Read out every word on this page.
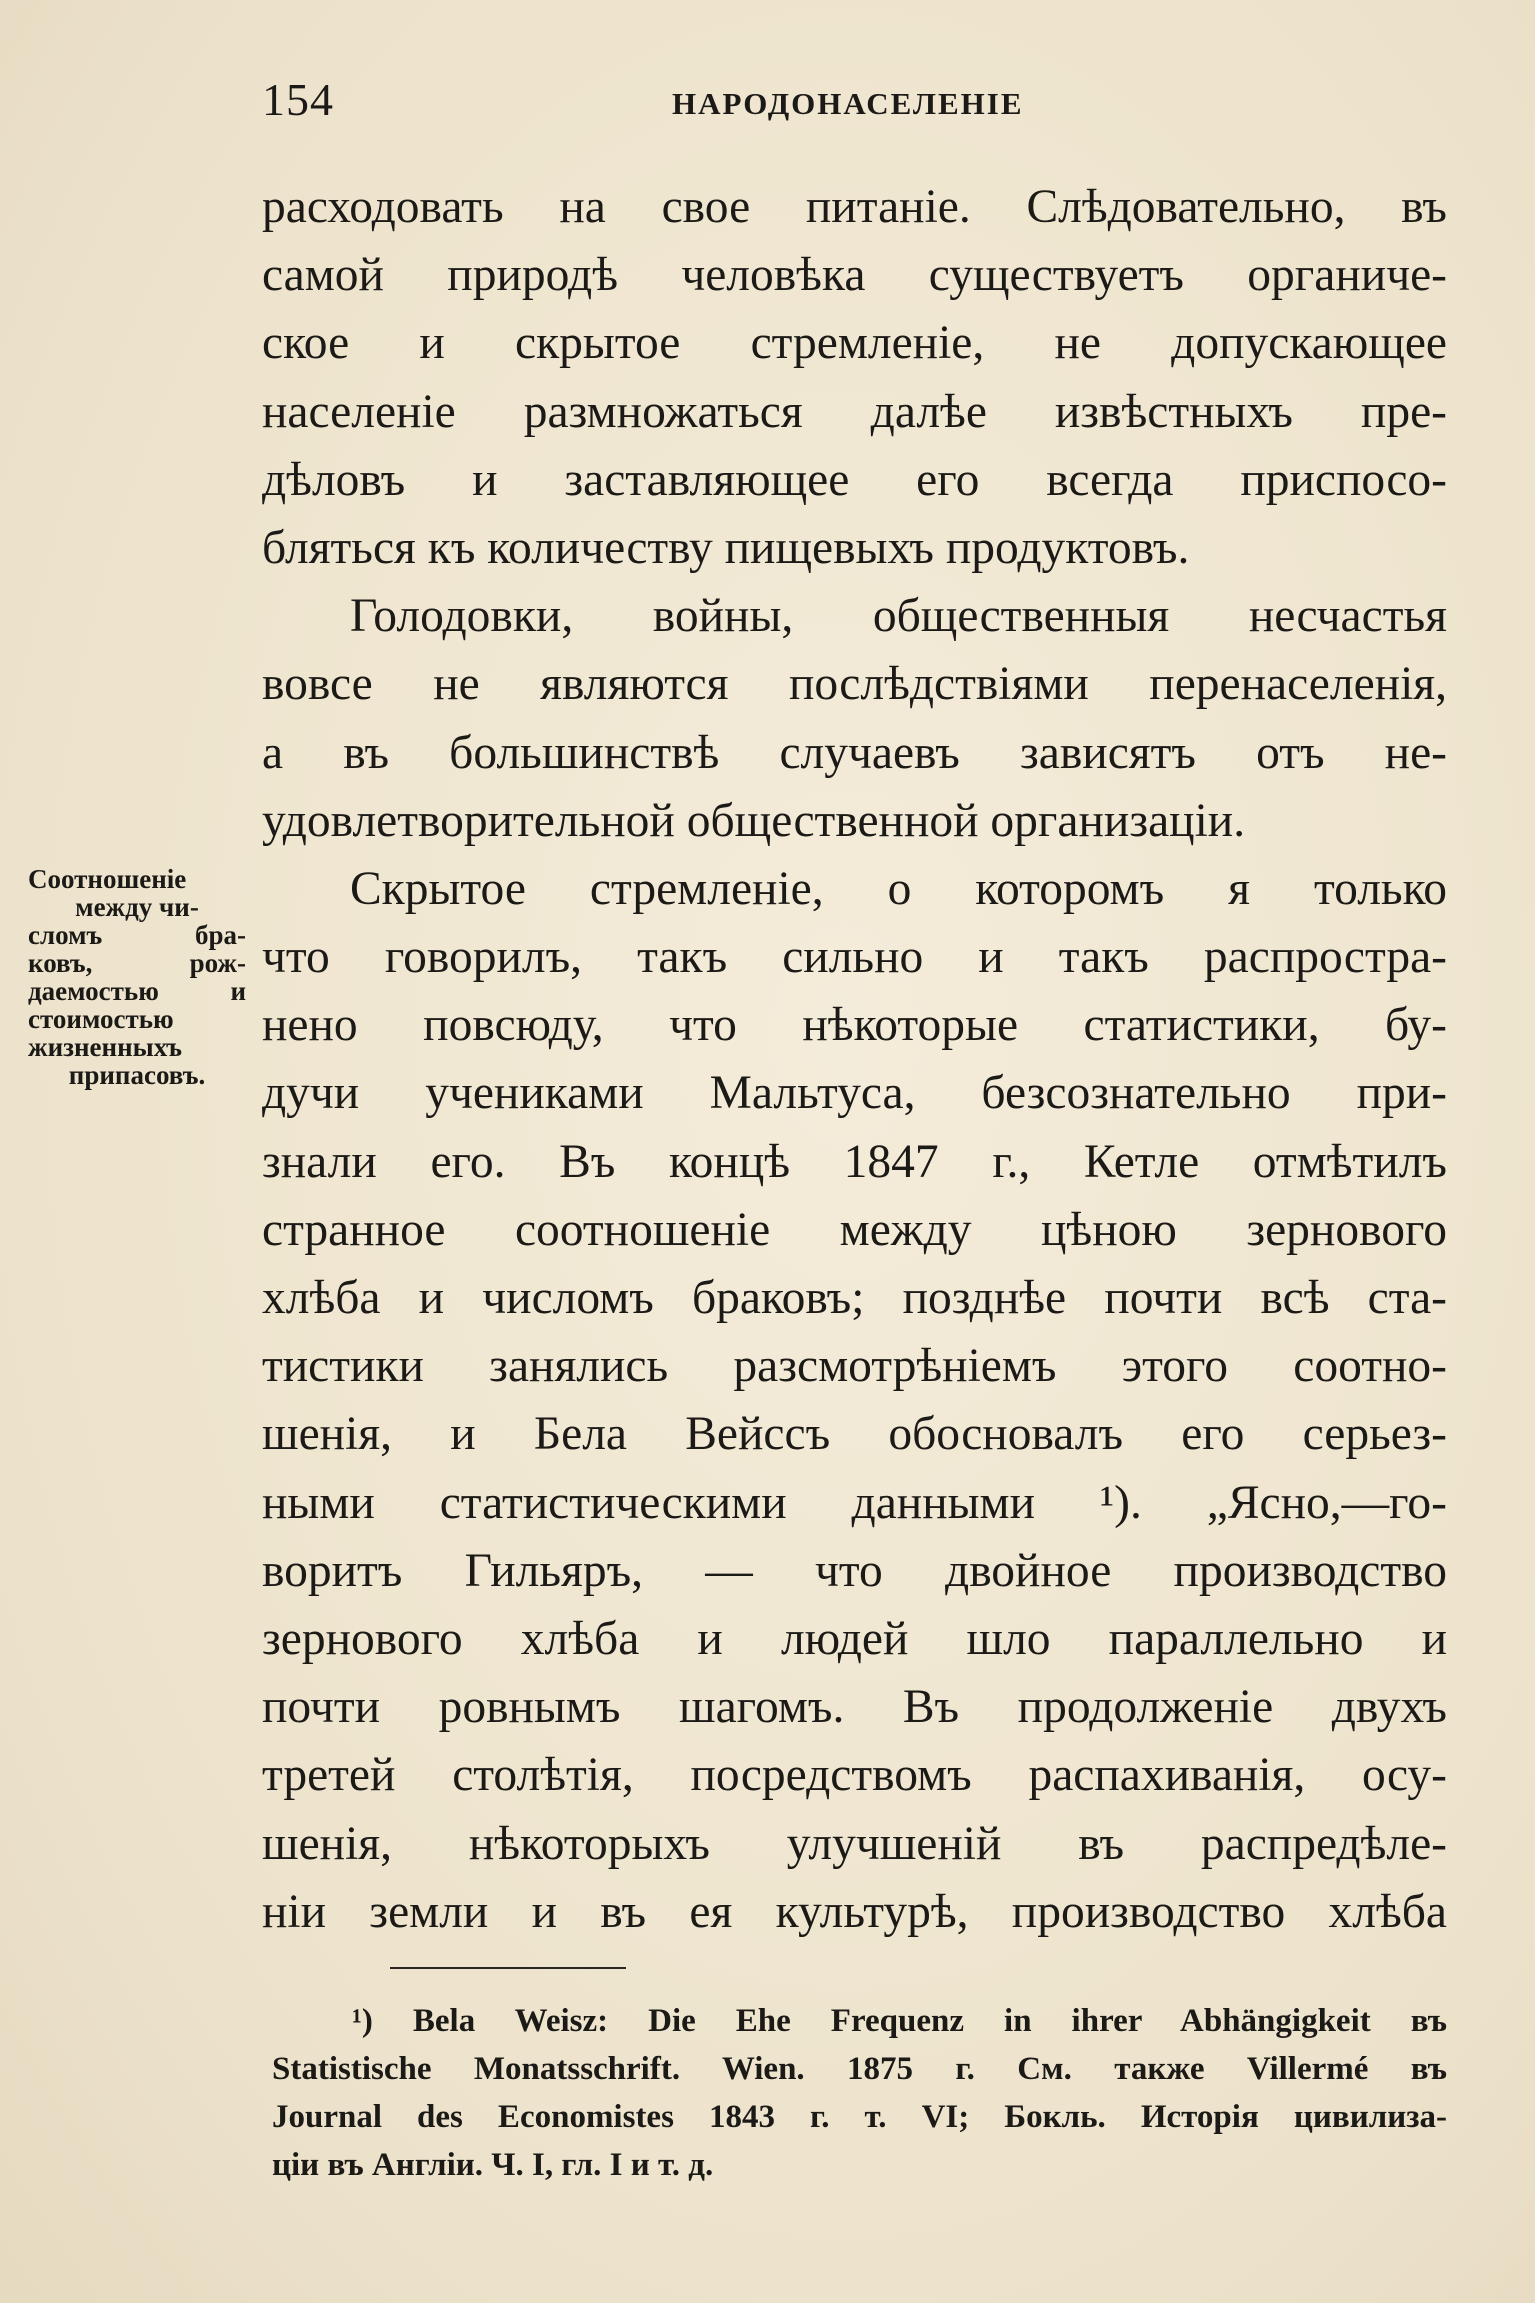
154	НАРОДОНАСЕЛЕНІЕ
расходовать на свое питаніе. Слѣдовательно, въ
самой природѣ человѣка существуетъ органиче-
ское и скрытое стремленіе, не допускающее
населеніе размножаться далѣе извѣстныхъ пре-
дѣловъ и заставляющее его всегда приспосо-
бляться къ количеству пищевыхъ продуктовъ.
Голодовки, войны, общественныя несчастья
вовсе не являются послѣдствіями перенаселенія,
а въ большинствѣ случаевъ зависятъ отъ не-
удовлетворительной общественной организаціи.
Скрытое стремленіе, о которомъ я только
что говорилъ, такъ сильно и такъ распростра-
нено повсюду, что нѣкоторые статистики, бу-
дучи учениками Мальтуса, безсознательно при-
знали его. Въ концѣ 1847 г., Кетле отмѣтилъ
странное соотношеніе между цѣною зернового
хлѣба и числомъ браковъ; позднѣе почти всѣ ста-
тистики занялись разсмотрѣніемъ этого соотно-
шенія, и Бела Вейссъ обосновалъ его серьез-
ными статистическими данными ¹). „Ясно,—го-
воритъ Гильяръ, — что двойное производство
зернового хлѣба и людей шло параллельно и
почти ровнымъ шагомъ. Въ продолженіе двухъ
третей столѣтія, посредствомъ распахиванія, осу-
шенія, нѣкоторыхъ улучшеній въ распредѣле-
ніи земли и въ ея культурѣ, производство хлѣба
Соотношеніе
между чи-
сломъ бра-
ковъ, рож-
даемостью и
стоимостью
жизненныхъ
припасовъ.
¹) Bela Weisz: Die Ehe Frequenz in ihrer Abhängigkeit въ
Statistische Monatsschrift. Wien. 1875 г. См. также Villermé въ
Journal des Economistes 1843 г. т. VI; Бокль. Исторія цивилиза-
ціи въ Англіи. Ч. I, гл. I и т. д.
